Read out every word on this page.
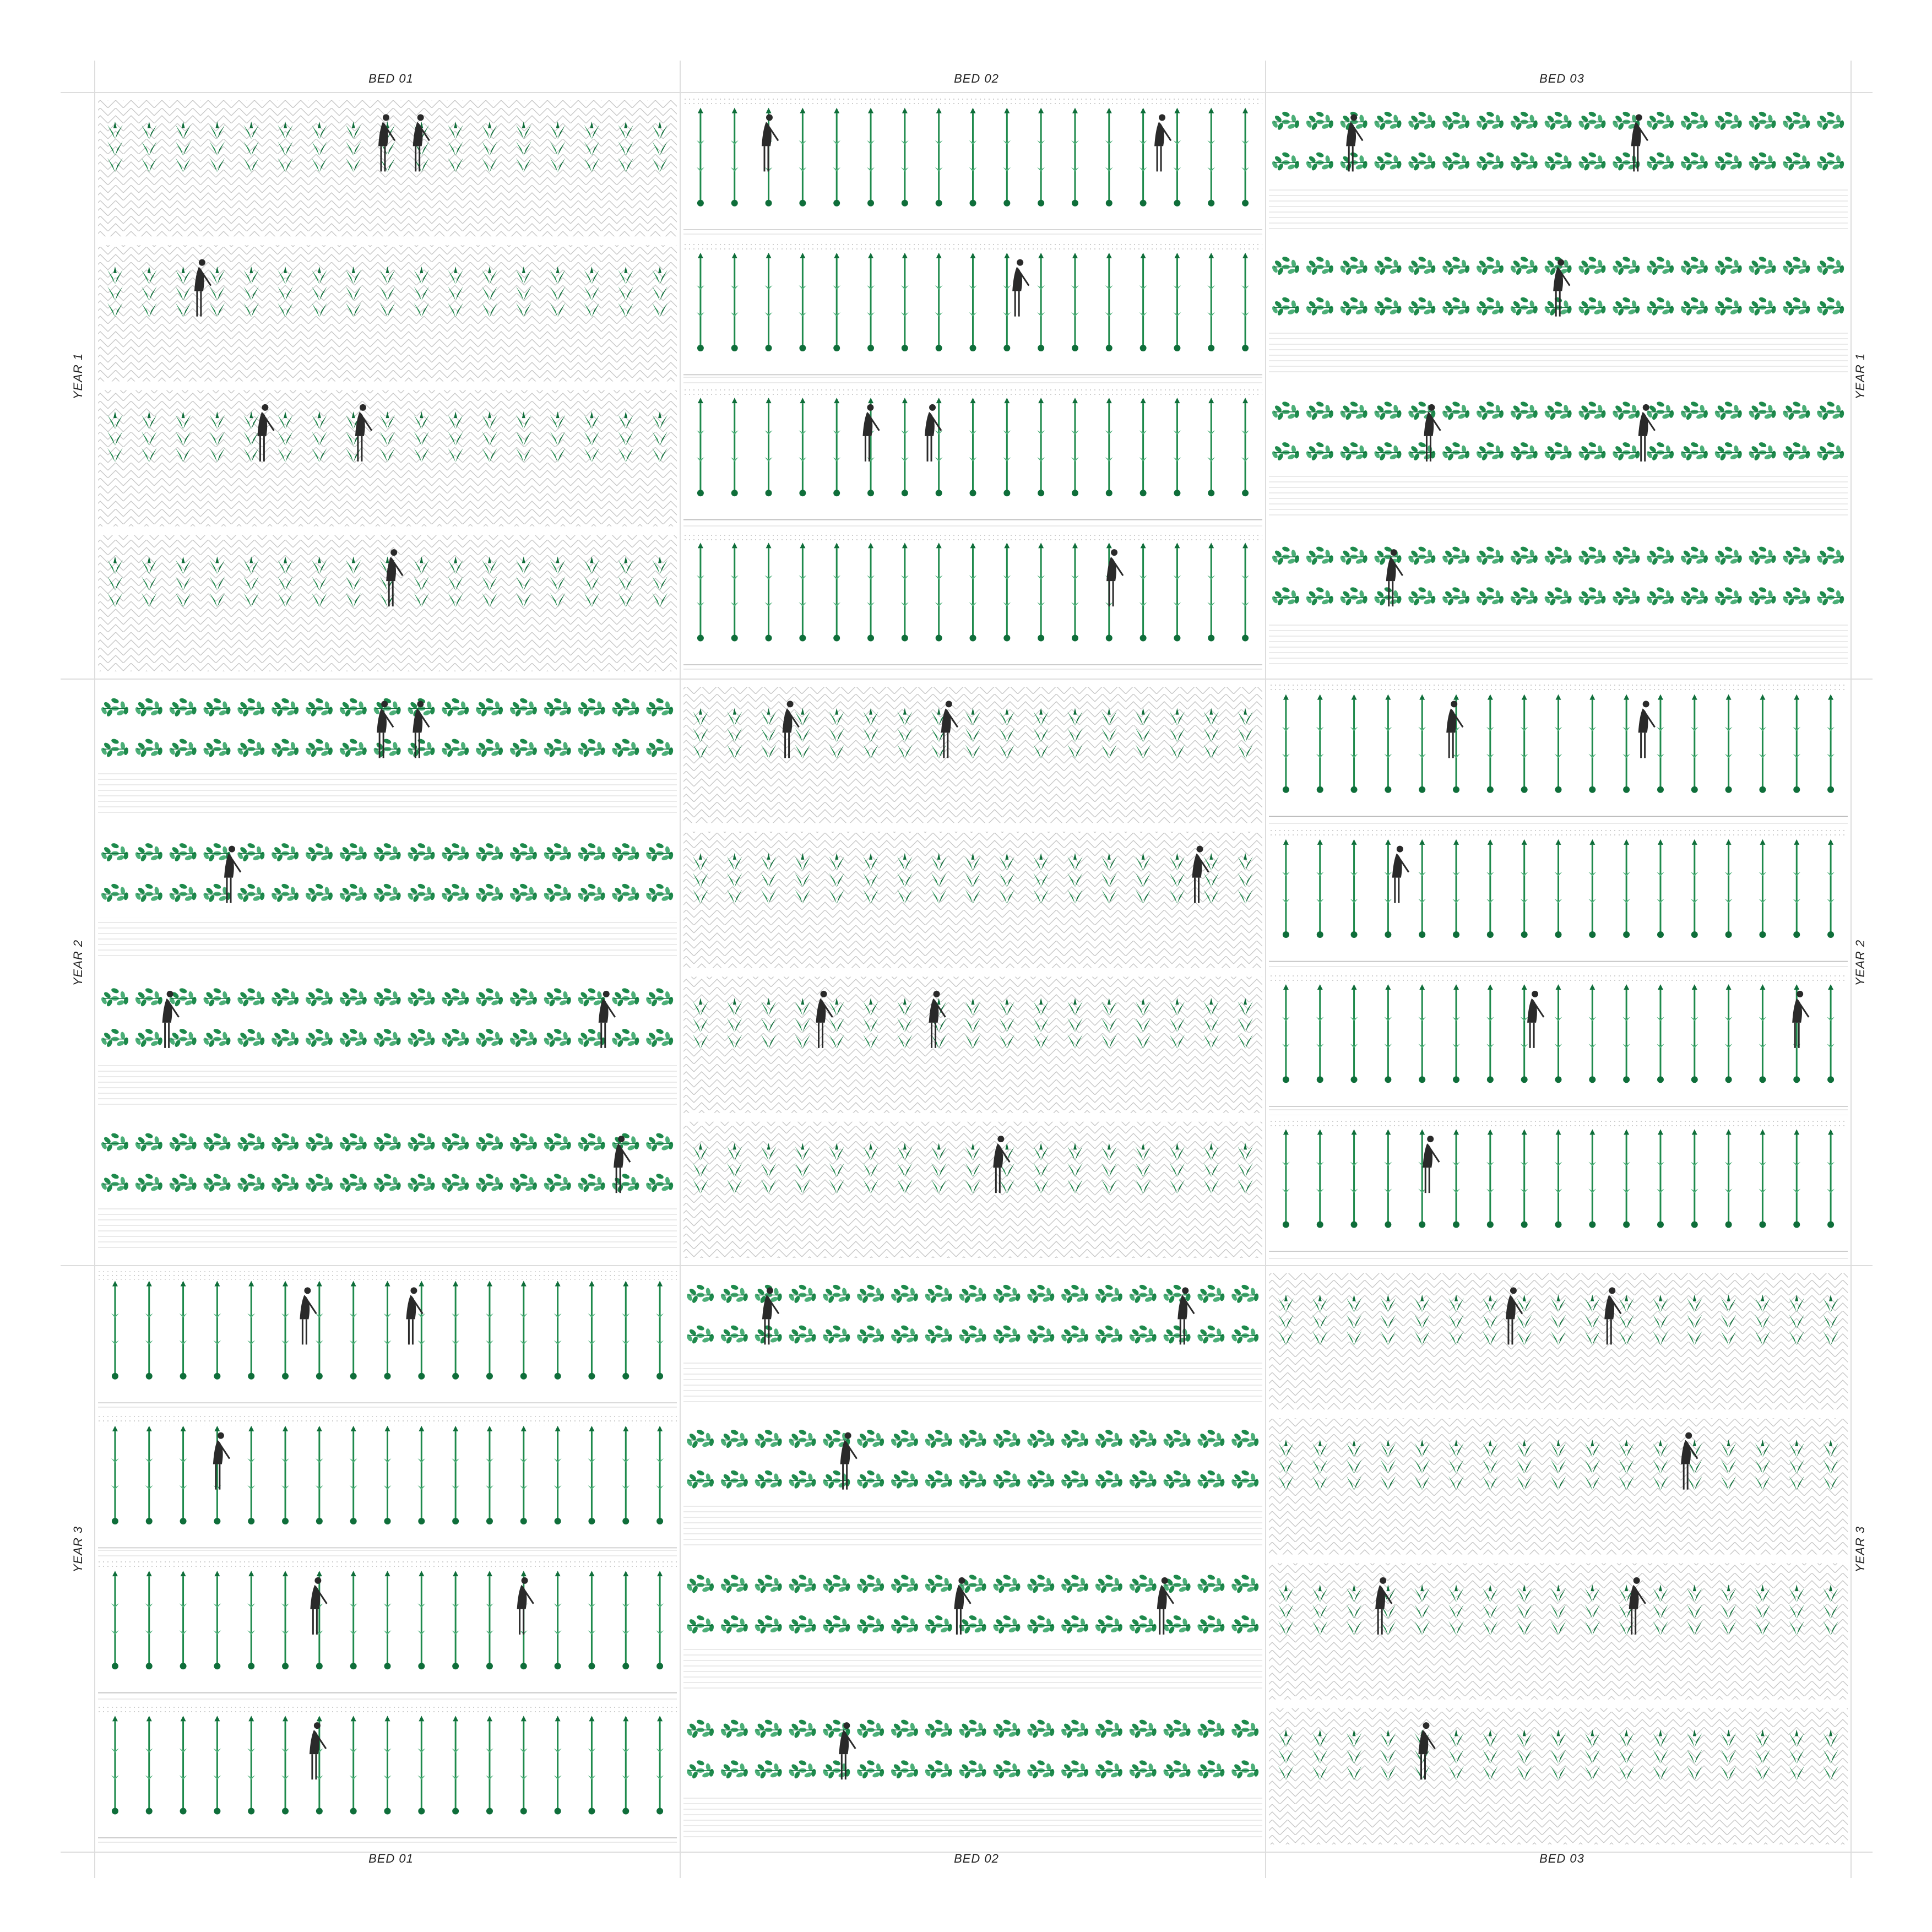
BED 01	BED 02	BED 03
BED 01	BED 02	BED 03
YEAR 1
YEAR 2
YEAR 3
YEAR 1
YEAR 2
YEAR 3
